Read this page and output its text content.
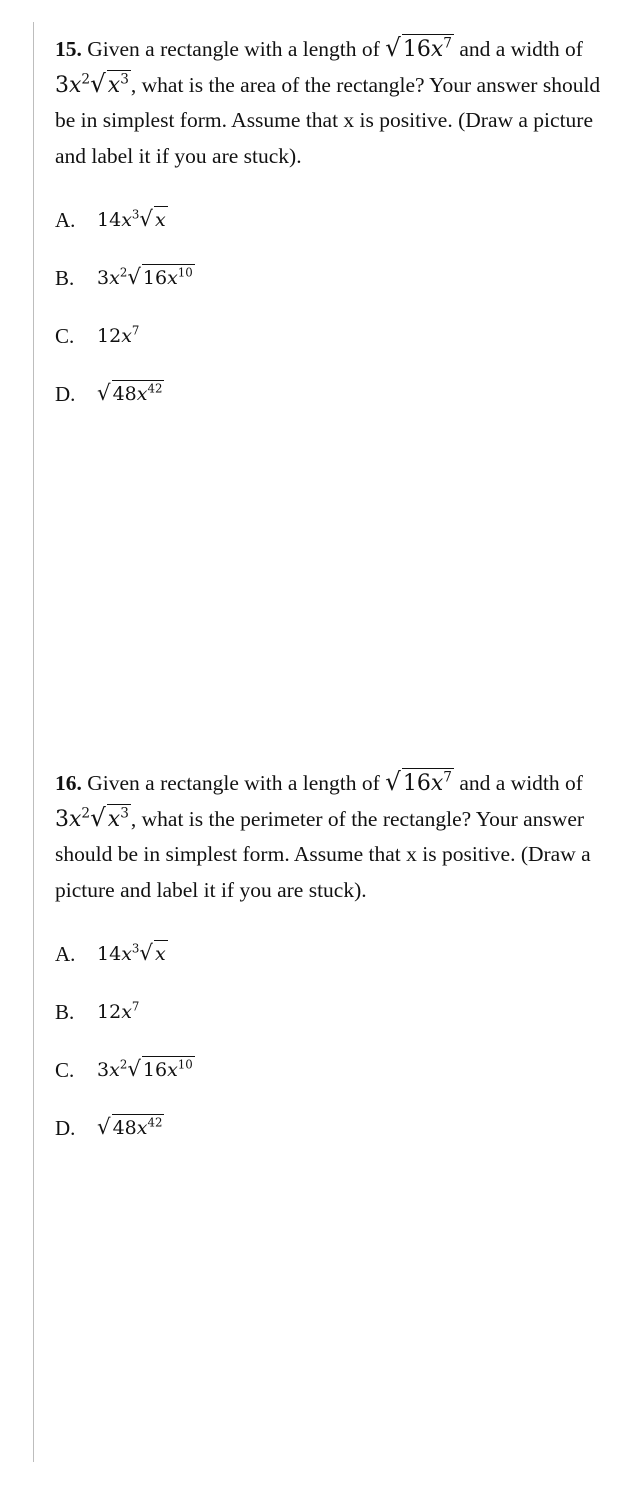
15. Given a rectangle with a length of $√16x^7$ and a width of $3x^2√x^3$, what is the area of the rectangle? Your answer should be in simplest form. Assume that x is positive. (Draw a picture and label it if you are stuck).
A.	$14x^3√$ x
B.	$3x^2√$ $16x^{10}$
C.	$12x^7$
D.	√ $48x^{42}$
16. Given a rectangle with a length of $√16x^7$ and a width of $3x^2√x^3$, what is the perimeter of the rectangle? Your answer should be in simplest form. Assume that x is positive. (Draw a picture and label it if you are stuck).
A.	$14x^3√$ x
B.	$12x^7$
C.	$3x^2√$ $16x^{10}$
D.	√ $48x^{42}$
